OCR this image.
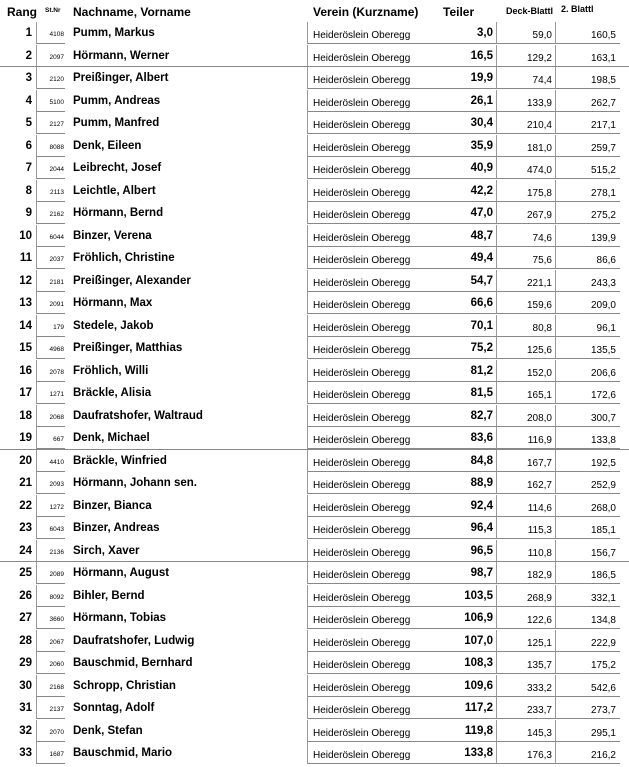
Rang St.Nr Nachname, Vorname	Verein (Kurzname) Teiler	Deck-Blattl 2. Blattl
1	4108 Pumm, Markus	Heideröslein Oberegg	3,0	59,0	160,5
2	2097 Hörmann, Werner	Heideröslein Oberegg	16,5	129,2	163,1
3	2120 Preißinger, Albert	Heideröslein Oberegg	19,9	74,4	198,5
4	5100 Pumm, Andreas	Heideröslein Oberegg	26,1	133,9	262,7
5	2127 Pumm, Manfred	Heideröslein Oberegg	30,4	210,4	217,1
6	8088 Denk, Eileen	Heideröslein Oberegg	35,9	181,0	259,7
7	2044 Leibrecht, Josef	Heideröslein Oberegg	40,9	474,0	515,2
8	2113 Leichtle, Albert	Heideröslein Oberegg	42,2	175,8	278,1
9	2162 Hörmann, Bernd	Heideröslein Oberegg	47,0	267,9	275,2
10	6044 Binzer, Verena	Heideröslein Oberegg	48,7	74,6	139,9
11	2037 Fröhlich, Christine	Heideröslein Oberegg	49,4	75,6	86,6
12	2181 Preißinger, Alexander	Heideröslein Oberegg	54,7	221,1	243,3
13	2091 Hörmann, Max	Heideröslein Oberegg	66,6	159,6	209,0
14	179 Stedele, Jakob	Heideröslein Oberegg	70,1	80,8	96,1
15	4968 Preißinger, Matthias	Heideröslein Oberegg	75,2	125,6	135,5
16	2078 Fröhlich, Willi	Heideröslein Oberegg	81,2	152,0	206,6
17	1271 Bräckle, Alisia	Heideröslein Oberegg	81,5	165,1	172,6
18	2068 Daufratshofer, Waltraud	Heideröslein Oberegg	82,7	208,0	300,7
19	667 Denk, Michael	Heideröslein Oberegg	83,6	116,9	133,8
20	4410 Bräckle, Winfried	Heideröslein Oberegg	84,8	167,7	192,5
21	2093 Hörmann, Johann sen.	Heideröslein Oberegg	88,9	162,7	252,9
22	1272 Binzer, Bianca	Heideröslein Oberegg	92,4	114,6	268,0
23	6043 Binzer, Andreas	Heideröslein Oberegg	96,4	115,3	185,1
24	2136 Sirch, Xaver	Heideröslein Oberegg	96,5	110,8	156,7
25	2089 Hörmann, August	Heideröslein Oberegg	98,7	182,9	186,5
26	8092 Bihler, Bernd	Heideröslein Oberegg	103,5	268,9	332,1
27	3660 Hörmann, Tobias	Heideröslein Oberegg	106,9	122,6	134,8
28	2067 Daufratshofer, Ludwig	Heideröslein Oberegg	107,0	125,1	222,9
29	2060 Bauschmid, Bernhard	Heideröslein Oberegg	108,3	135,7	175,2
30	2168 Schropp, Christian	Heideröslein Oberegg	109,6	333,2	542,6
31	2137 Sonntag, Adolf	Heideröslein Oberegg	117,2	233,7	273,7
32	2070 Denk, Stefan	Heideröslein Oberegg	119,8	145,3	295,1
33	1687 Bauschmid, Mario	Heideröslein Oberegg	133,8	176,3	216,2
